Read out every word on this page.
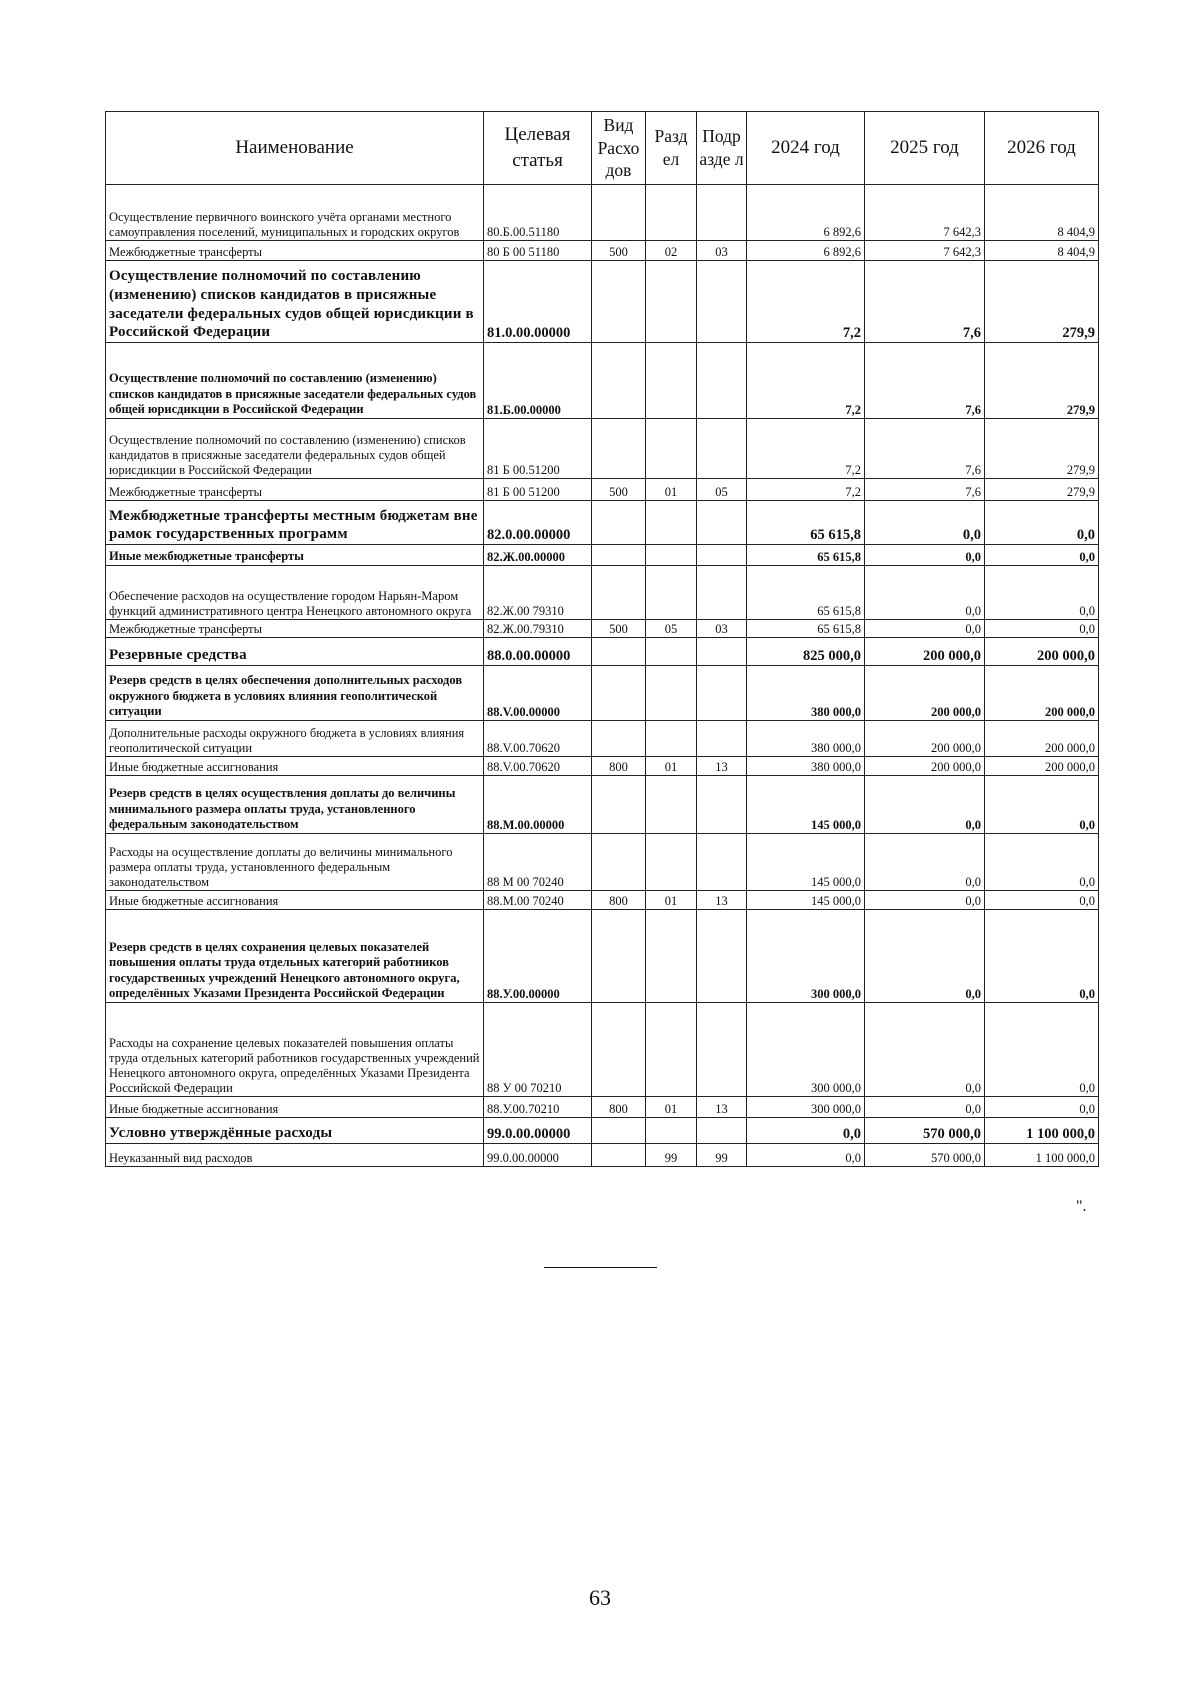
Наименование	Целевая статья	Вид Расхо дов	Разд ел	Подр азде л	2024 год	2025 год	2026 год
Осуществление первичного воинского учёта органами местного самоуправления поселений, муниципальных и городских округов	80.Б.00.51180				6 892,6	7 642,3	8 404,9
Межбюджетные трансферты	80 Б 00 51180	500	02	03	6 892,6	7 642,3	8 404,9
Осуществление полномочий по составлению (изменению) списков кандидатов в присяжные заседатели федеральных судов общей юрисдикции в Российской Федерации	81.0.00.00000				7,2	7,6	279,9
Осуществление полномочий по составлению (изменению) списков кандидатов в присяжные заседатели федеральных судов общей юрисдикции в Российской Федерации	81.Б.00.00000				7,2	7,6	279,9
Осуществление полномочий по составлению (изменению) списков кандидатов в присяжные заседатели федеральных судов общей юрисдикции в Российской Федерации	81 Б 00.51200				7,2	7,6	279,9
Межбюджетные трансферты	81 Б 00 51200	500	01	05	7,2	7,6	279,9
Межбюджетные трансферты местным бюджетам вне рамок государственных программ	82.0.00.00000				65 615,8	0,0	0,0
Иные межбюджетные трансферты	82.Ж.00.00000				65 615,8	0,0	0,0
Обеспечение расходов на осуществление городом Нарьян-Маром функций административного центра Ненецкого автономного округа	82.Ж.00 79310				65 615,8	0,0	0,0
Межбюджетные трансферты	82.Ж.00.79310	500	05	03	65 615,8	0,0	0,0
Резервные средства	88.0.00.00000				825 000,0	200 000,0	200 000,0
Резерв средств в целях обеспечения дополнительных расходов окружного бюджета в условиях влияния геополитической ситуации	88.V.00.00000				380 000,0	200 000,0	200 000,0
Дополнительные расходы окружного бюджета в условиях влияния геополитической ситуации	88.V.00.70620				380 000,0	200 000,0	200 000,0
Иные бюджетные ассигнования	88.V.00.70620	800	01	13	380 000,0	200 000,0	200 000,0
Резерв средств в целях осуществления доплаты до величины минимального размера оплаты труда, установленного федеральным законодательством	88.М.00.00000				145 000,0	0,0	0,0
Расходы на осуществление доплаты до величины минимального размера оплаты труда, установленного федеральным законодательством	88 М 00 70240				145 000,0	0,0	0,0
Иные бюджетные ассигнования	88.М.00 70240	800	01	13	145 000,0	0,0	0,0
Резерв средств в целях сохранения целевых показателей повышения оплаты труда отдельных категорий работников государственных учреждений Ненецкого автономного округа, определённых Указами Президента Российской Федерации	88.У.00.00000				300 000,0	0,0	0,0
Расходы на сохранение целевых показателей повышения оплаты труда отдельных категорий работников государственных учреждений Ненецкого автономного округа, определённых Указами Президента Российской Федерации	88 У 00 70210				300 000,0	0,0	0,0
Иные бюджетные ассигнования	88.У.00.70210	800	01	13	300 000,0	0,0	0,0
Условно утверждённые расходы	99.0.00.00000				0,0	570 000,0	1 100 000,0
Неуказанный вид расходов	99.0.00.00000		99	99	0,0	570 000,0	1 100 000,0
".
63
